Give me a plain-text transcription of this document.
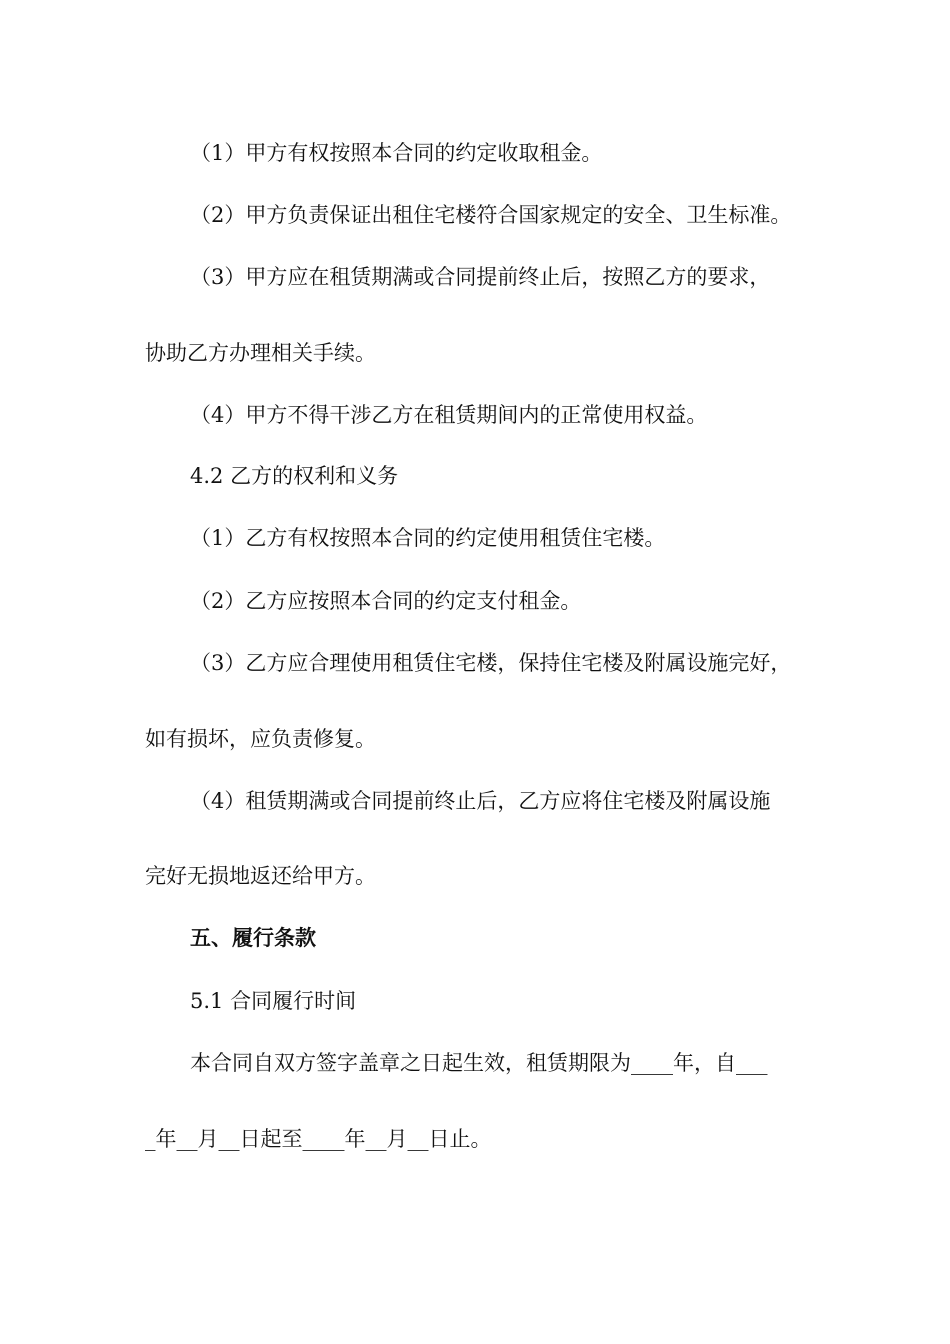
（1）甲方有权按照本合同的约定收取租金。
（2）甲方负责保证出租住宅楼符合国家规定的安全、卫生标准。
（3）甲方应在租赁期满或合同提前终止后，按照乙方的要求，
协助乙方办理相关手续。
（4）甲方不得干涉乙方在租赁期间内的正常使用权益。
4.2 乙方的权利和义务
（1）乙方有权按照本合同的约定使用租赁住宅楼。
（2）乙方应按照本合同的约定支付租金。
（3）乙方应合理使用租赁住宅楼，保持住宅楼及附属设施完好，
如有损坏，应负责修复。
（4）租赁期满或合同提前终止后，乙方应将住宅楼及附属设施
完好无损地返还给甲方。
五、履行条款
5.1 合同履行时间
本合同自双方签字盖章之日起生效，租赁期限为____年，自___
_年__月__日起至____年__月__日止。
